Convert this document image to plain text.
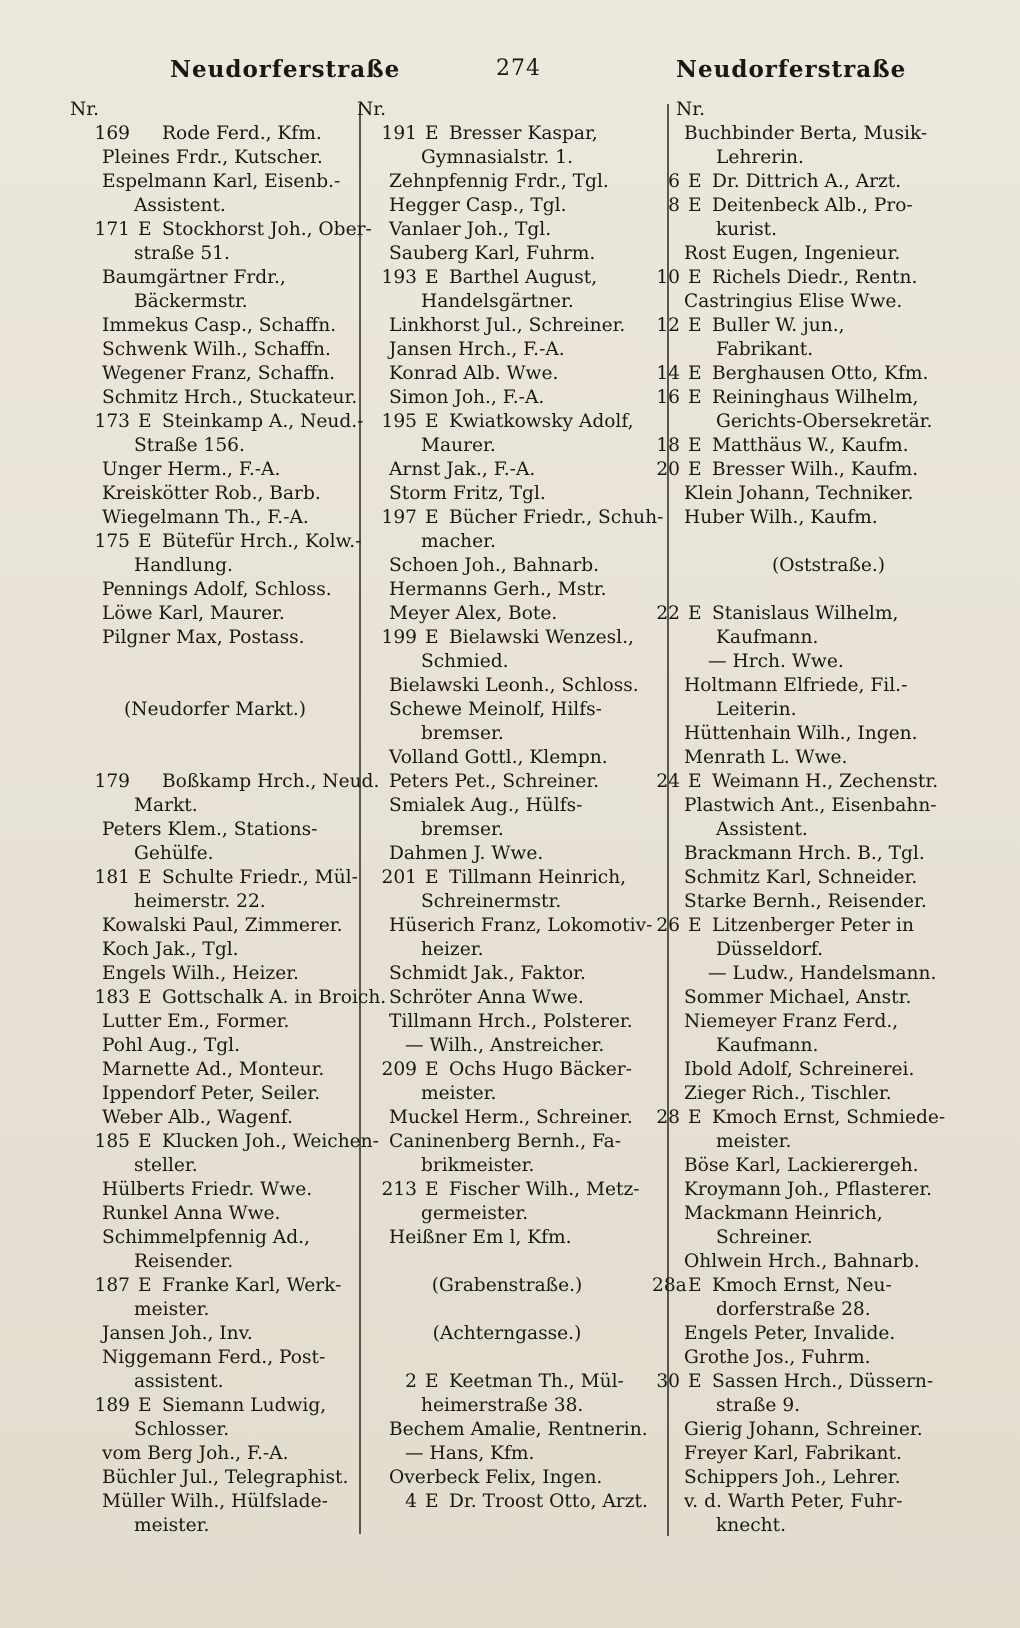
Neudorferstraße	274	Neudorferstraße
Nr.
169 Rode Ferd., Kfm.
Pleines Frdr., Kutscher.
Espelmann Karl, Eisenb.-
Assistent.
171 E Stockhorst Joh., Ober-
straße 51.
Baumgärtner Frdr.,
Bäckermstr.
Immekus Casp., Schaffn.
Schwenk Wilh., Schaffn.
Wegener Franz, Schaffn.
Schmitz Hrch., Stuckateur.
173 E Steinkamp A., Neud.-
Straße 156.
Unger Herm., F.-A.
Kreiskötter Rob., Barb.
Wiegelmann Th., F.-A.
175 E Bütefür Hrch., Kolw.-
Handlung.
Pennings Adolf, Schloss.
Löwe Karl, Maurer.
Pilgner Max, Postass.
(Neudorfer Markt.)
179 Boßkamp Hrch., Neud.
Markt.
Peters Klem., Stations-
Gehülfe.
181 E Schulte Friedr., Mül-
heimerstr. 22.
Kowalski Paul, Zimmerer.
Koch Jak., Tgl.
Engels Wilh., Heizer.
183 E Gottschalk A. in Broich.
Lutter Em., Former.
Pohl Aug., Tgl.
Marnette Ad., Monteur.
Ippendorf Peter, Seiler.
Weber Alb., Wagenf.
185 E Klucken Joh., Weichen-
steller.
Hülberts Friedr. Wwe.
Runkel Anna Wwe.
Schimmelpfennig Ad.,
Reisender.
187 E Franke Karl, Werk-
meister.
Jansen Joh., Inv.
Niggemann Ferd., Post-
assistent.
189 E Siemann Ludwig,
Schlosser.
vom Berg Joh., F.-A.
Büchler Jul., Telegraphist.
Müller Wilh., Hülfslade-
meister.
Nr.
191 E Bresser Kaspar,
Gymnasialstr. 1.
Zehnpfennig Frdr., Tgl.
Hegger Casp., Tgl.
Vanlaer Joh., Tgl.
Sauberg Karl, Fuhrm.
193 E Barthel August,
Handelsgärtner.
Linkhorst Jul., Schreiner.
Jansen Hrch., F.-A.
Konrad Alb. Wwe.
Simon Joh., F.-A.
195 E Kwiatkowsky Adolf,
Maurer.
Arnst Jak., F.-A.
Storm Fritz, Tgl.
197 E Bücher Friedr., Schuh-
macher.
Schoen Joh., Bahnarb.
Hermanns Gerh., Mstr.
Meyer Alex, Bote.
199 E Bielawski Wenzesl.,
Schmied.
Bielawski Leonh., Schloss.
Schewe Meinolf, Hilfs-
bremser.
Volland Gottl., Klempn.
Peters Pet., Schreiner.
Smialek Aug., Hülfs-
bremser.
Dahmen J. Wwe.
201 E Tillmann Heinrich,
Schreinermstr.
Hüserich Franz, Lokomotiv-
heizer.
Schmidt Jak., Faktor.
Schröter Anna Wwe.
Tillmann Hrch., Polsterer.
— Wilh., Anstreicher.
209 E Ochs Hugo Bäcker-
meister.
Muckel Herm., Schreiner.
Caninenberg Bernh., Fa-
brikmeister.
213 E Fischer Wilh., Metz-
germeister.
Heißner Em l, Kfm.
(Grabenstraße.)
(Achterngasse.)
2 E Keetman Th., Mül-
heimerstraße 38.
Bechem Amalie, Rentnerin.
— Hans, Kfm.
Overbeck Felix, Ingen.
4 E Dr. Troost Otto, Arzt.
Nr.
Buchbinder Berta, Musik-
Lehrerin.
6 E Dr. Dittrich A., Arzt.
8 E Deitenbeck Alb., Pro-
kurist.
Rost Eugen, Ingenieur.
10 E Richels Diedr., Rentn.
Castringius Elise Wwe.
12 E Buller W. jun.,
Fabrikant.
14 E Berghausen Otto, Kfm.
16 E Reininghaus Wilhelm,
Gerichts-Obersekretär.
18 E Matthäus W., Kaufm.
20 E Bresser Wilh., Kaufm.
Klein Johann, Techniker.
Huber Wilh., Kaufm.
(Oststraße.)
22 E Stanislaus Wilhelm,
Kaufmann.
— Hrch. Wwe.
Holtmann Elfriede, Fil.-
Leiterin.
Hüttenhain Wilh., Ingen.
Menrath L. Wwe.
24 E Weimann H., Zechenstr.
Plastwich Ant., Eisenbahn-
Assistent.
Brackmann Hrch. B., Tgl.
Schmitz Karl, Schneider.
Starke Bernh., Reisender.
26 E Litzenberger Peter in
Düsseldorf.
— Ludw., Handelsmann.
Sommer Michael, Anstr.
Niemeyer Franz Ferd.,
Kaufmann.
Ibold Adolf, Schreinerei.
Zieger Rich., Tischler.
28 E Kmoch Ernst, Schmiede-
meister.
Böse Karl, Lackierergeh.
Kroymann Joh., Pflasterer.
Mackmann Heinrich,
Schreiner.
Ohlwein Hrch., Bahnarb.
28aE Kmoch Ernst, Neu-
dorferstraße 28.
Engels Peter, Invalide.
Grothe Jos., Fuhrm.
30 E Sassen Hrch., Düssern-
straße 9.
Gierig Johann, Schreiner.
Freyer Karl, Fabrikant.
Schippers Joh., Lehrer.
v. d. Warth Peter, Fuhr-
knecht.
